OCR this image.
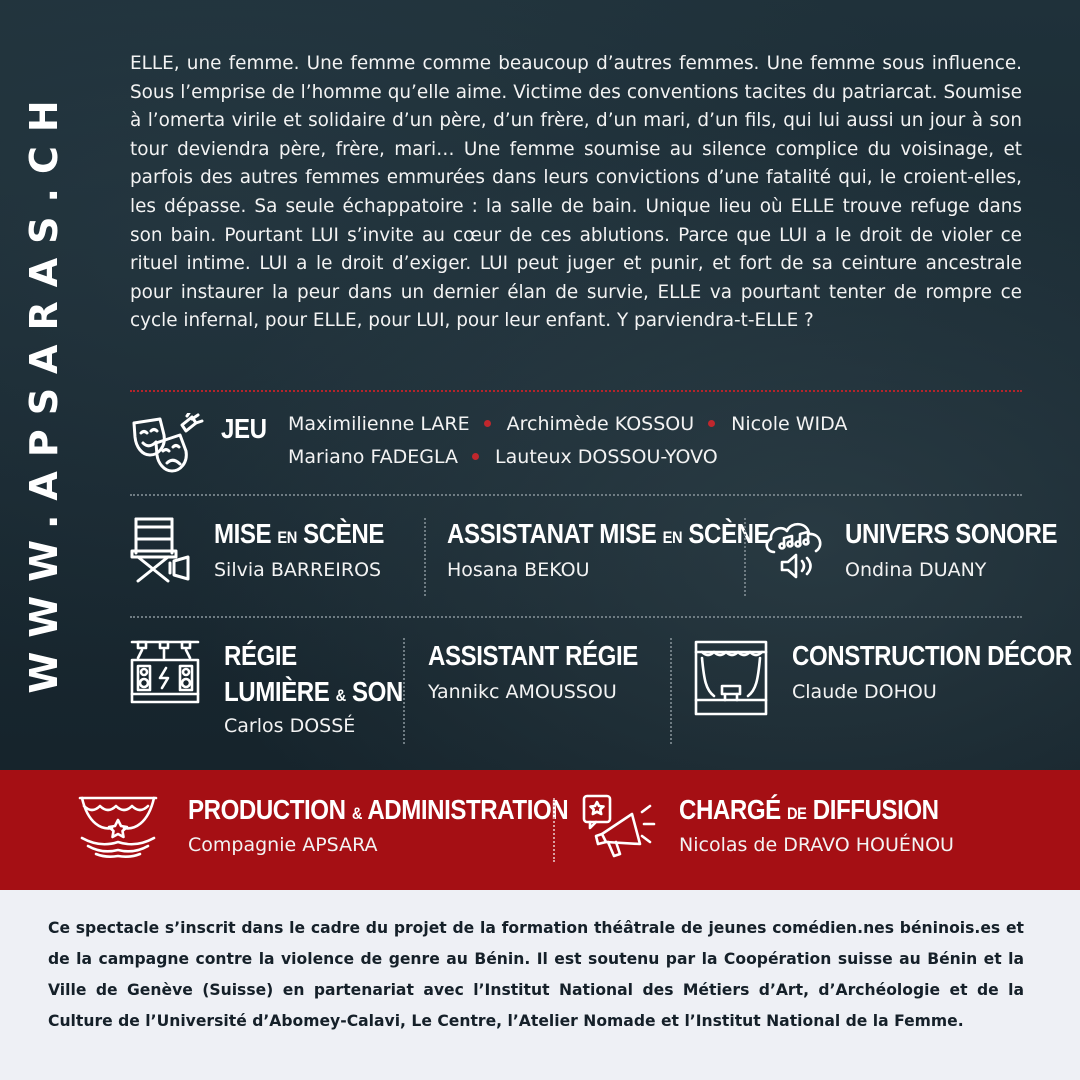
WWW.APSARAS.CH

ELLE, une femme. Une femme comme beaucoup d’autres femmes. Une femme sous influence. Sous l’emprise de l’homme qu’elle aime. Victime des conventions tacites du patriarcat. Soumise à l’omerta virile et solidaire d’un père, d’un frère, d’un mari, d’un fils, qui lui aussi un jour à son tour deviendra père, frère, mari… Une femme soumise au silence complice du voisinage, et parfois des autres femmes emmurées dans leurs convictions d’une fatalité qui, le croient-elles, les dépasse. Sa seule échappatoire : la salle de bain. Unique lieu où ELLE trouve refuge dans son bain. Pourtant LUI s’invite au cœur de ces ablutions. Parce que LUI a le droit de violer ce rituel intime. LUI a le droit d’exiger. LUI peut juger et punir, et fort de sa ceinture ancestrale pour instaurer la peur dans un dernier élan de survie, ELLE va pourtant tenter de rompre ce cycle infernal, pour ELLE, pour LUI, pour leur enfant. Y parviendra-t-ELLE ?

JEU Maximilienne LARE Archimède KOSSOU Nicole WIDA
Mariano FADEGLA Lauteux DOSSOU-YOVO
MISE EN SCÈNE
Silvia BARREIROS
ASSISTANAT MISE EN SCÈNE
Hosana BEKOU
UNIVERS SONORE
Ondina DUANY
RÉGIE
LUMIÈRE & SON
Carlos DOSSÉ
ASSISTANT RÉGIE
Yannikc AMOUSSOU
CONSTRUCTION DÉCOR
Claude DOHOU
PRODUCTION & ADMINISTRATION
Compagnie APSARA
CHARGÉ DE DIFFUSION
Nicolas de DRAVO HOUÉNOU

Ce spectacle s’inscrit dans le cadre du projet de la formation théâtrale de jeunes comédien.nes béninois.es et de la campagne contre la violence de genre au Bénin. Il est soutenu par la Coopération suisse au Bénin et la Ville de Genève (Suisse) en partenariat avec l’Institut National des Métiers d’Art, d’Archéologie et de la Culture de l’Université d’Abomey-Calavi, Le Centre, l’Atelier Nomade et l’Institut National de la Femme.
